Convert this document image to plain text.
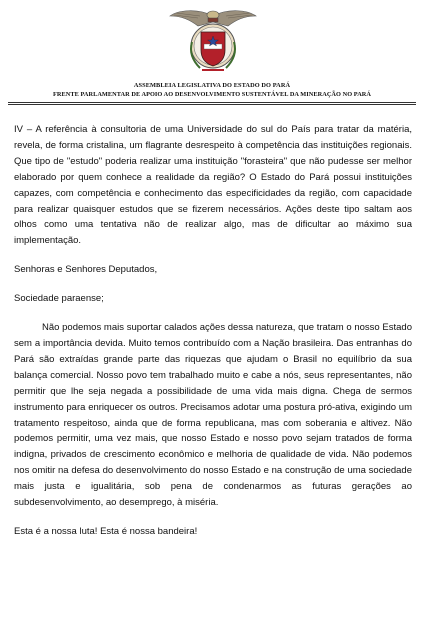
ASSEMBLEIA LEGISLATIVA DO ESTADO DO PARÁ
FRENTE PARLAMENTAR DE APOIO AO DESENVOLVIMENTO SUSTENTÁVEL DA MINERAÇÃO NO PARÁ

IV – A referência à consultoria de uma Universidade do sul do País para tratar da matéria, revela, de forma cristalina, um flagrante desrespeito à competência das instituições regionais. Que tipo de "estudo" poderia realizar uma instituição "forasteira" que não pudesse ser melhor elaborado por quem conhece a realidade da região? O Estado do Pará possui instituições capazes, com competência e conhecimento das especificidades da região, com capacidade para realizar quaisquer estudos que se fizerem necessários. Ações deste tipo saltam aos olhos como uma tentativa não de realizar algo, mas de dificultar ao máximo sua implementação.

Senhoras e Senhores Deputados,

Sociedade paraense;

Não podemos mais suportar calados ações dessa natureza, que tratam o nosso Estado sem a importância devida. Muito temos contribuído com a Nação brasileira. Das entranhas do Pará são extraídas grande parte das riquezas que ajudam o Brasil no equilíbrio da sua balança comercial. Nosso povo tem trabalhado muito e cabe a nós, seus representantes, não permitir que lhe seja negada a possibilidade de uma vida mais digna. Chega de sermos instrumento para enriquecer os outros. Precisamos adotar uma postura pró-ativa, exigindo um tratamento respeitoso, ainda que de forma republicana, mas com soberania e altivez. Não podemos permitir, uma vez mais, que nosso Estado e nosso povo sejam tratados de forma indigna, privados de crescimento econômico e melhoria de qualidade de vida. Não podemos nos omitir na defesa do desenvolvimento do nosso Estado e na construção de uma sociedade mais justa e igualitária, sob pena de condenarmos as futuras gerações ao subdesenvolvimento, ao desemprego, à miséria.

Esta é a nossa luta! Esta é nossa bandeira!
